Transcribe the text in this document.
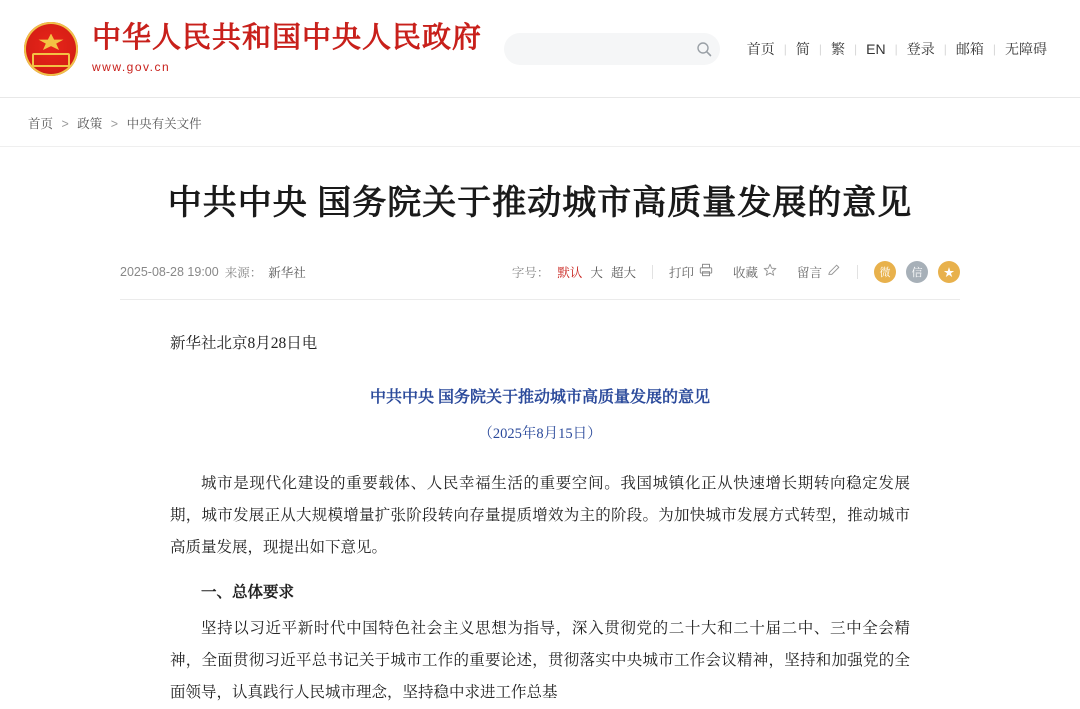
中华人民共和国中央人民政府
www.gov.cn
首页 | 简 | 繁 | EN | 登录 | 邮箱 | 无障碍
首页 > 政策 > 中央有关文件
中共中央 国务院关于推动城市高质量发展的意见
2025-08-28 19:00 来源： 新华社	字号： 默认 大 超大	打印	收藏	留言	微	信	★

新华社北京8月28日电

中共中央 国务院关于推动城市高质量发展的意见

（2025年8月15日）

城市是现代化建设的重要载体、人民幸福生活的重要空间。我国城镇化正从快速增长期转向稳定发展期，城市发展正从大规模增量扩张阶段转向存量提质增效为主的阶段。为加快城市发展方式转型，推动城市高质量发展，现提出如下意见。

一、总体要求

坚持以习近平新时代中国特色社会主义思想为指导，深入贯彻党的二十大和二十届二中、三中全会精神，全面贯彻习近平总书记关于城市工作的重要论述，贯彻落实中央城市工作会议精神，坚持和加强党的全面领导，认真践行人民城市理念，坚持稳中求进工作总基
